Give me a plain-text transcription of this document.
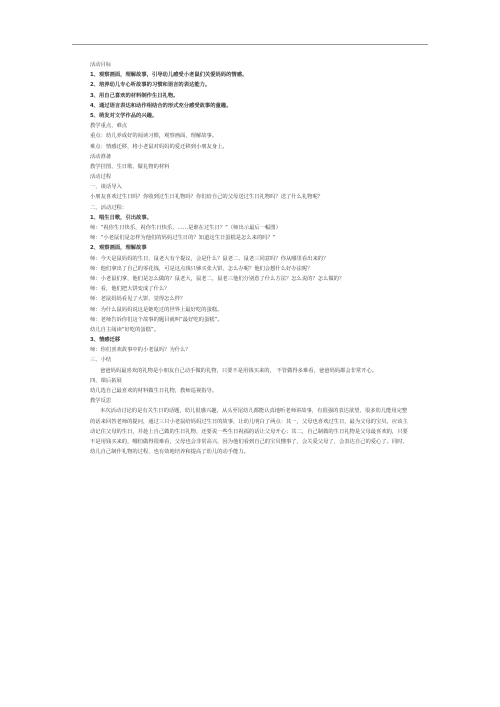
活动目标
1、观察画面，理解故事，引导幼儿感受小老鼠们关爱妈妈的情感。
2、培养幼儿专心听故事的习惯和语言的表达能力。
3、用自己喜欢的材料制作生日礼物。
4、通过语言表达和动作相结合的形式充分感受故事的童趣。
5、萌发对文学作品的兴趣。
教学重点、难点
重点：幼儿养成好的阅读习惯，观察画面，理解故事。
难点：情感迁移，将小老鼠对妈妈的爱迁移到小朋友身上。
活动准备
教学挂图、生日歌、做礼物的材料
活动过程
一、谈话导入
小朋友喜欢过生日吗？你收到过生日礼物吗？你们给自己的父母送过生日礼物吗？送了什么礼物呢？
二、活动过程：
1、唱生日歌，引出故事。
师：“祝你生日快乐，祝你生日快乐，……是谁在过生日？”（师出示最后一幅图）
师：“小老鼠们是怎样为他们的妈妈过生日的？知道这生日蛋糕是怎么来的吗？”
2、观察画面，理解故事
师：今天是鼠妈妈的生日，鼠老大有个提议，会是什么？鼠老二、鼠老三同意吗？你从哪里看出来的？
师：他们拿出了自己的零花钱，可是这点钱只够买张大饼，怎么办呢？他们会想什么好办法呢？
师：小老鼠们拿，他们是怎么做的？鼠老大，鼠老二，鼠老三他们分别惹了什么方法？怎么说的？怎么做的？
师：看，他们把大饼变成了什么？
师：老鼠妈妈看见了大饼，觉得怎么样？
师：为什么鼠妈妈说这是她吃过的世界上最好吃的蛋糕。
师：老师告诉你们这个故事的题目就叫“最好吃的蛋糕”。
幼儿自主阅读“好吃的蛋糕”。
3、情感迁移
师：你们喜欢故事中的小老鼠吗？为什么？
三、小结
爸爸妈妈最喜欢的礼物是小朋友自己动手做的礼物，只要不是用钱买来的， 不管做得多难看，爸爸妈妈都会非常开心。
四、课后拓展
幼儿选自己最喜欢的材料做生日礼物，教师巡视指导。
教学反思
本次活动讨论的是有关生日的话题，幼儿很感兴趣，从头至尾幼儿都能认真地听老师讲故事，有很强的表达欲望，很多幼儿能用完整的话来回答老师的提问，通过三只小老鼠给妈妈过生日的故事，让幼儿明白了两点：其一，父母也喜欢过生日，最为父母的宝贝，应该主动记住父母的生日，并趁上自己做的生日礼物，还要说一些生日祝福的话让父母开心；其二，自己制做的生日礼物是父母最喜欢的，只要不是用钱买来的，哪怕做得很难看，父母也会非常高兴，因为他们看到自己的宝贝懂事了，会关爱父母了，会表达自己的爱心了。同时，幼儿自己制作礼物的过程，也有效地培养和提高了幼儿的动手能力。
